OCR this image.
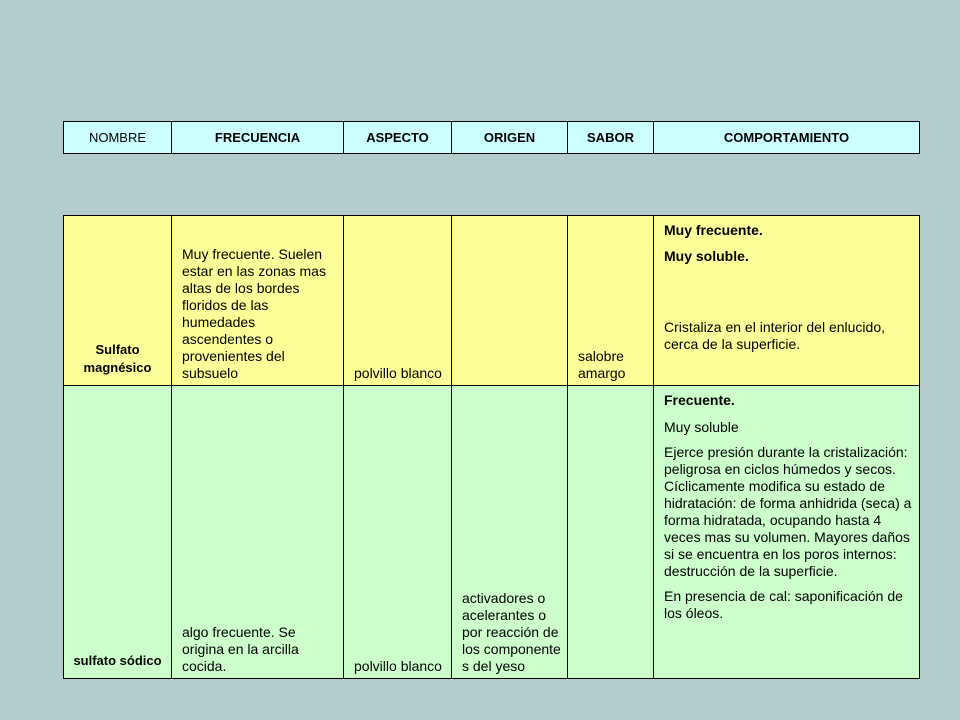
NOMBRE	FRECUENCIA	ASPECTO	ORIGEN	SABOR	COMPORTAMIENTO
Sulfato magnésico	Muy frecuente. Suelen estar en las zonas mas altas de los bordes floridos de las humedades ascendentes o provenientes del subsuelo	polvillo blanco		salobre amargo	Muy frecuente.

Muy soluble.

Cristaliza en el interior del enlucido, cerca de la superficie.

sulfato sódico	algo frecuente. Se origina en la arcilla cocida.	polvillo blanco	activadores o acelerantes o por reacción de los componente s del yeso		Frecuente.

Muy soluble

Ejerce presión durante la cristalización: peligrosa en ciclos húmedos y secos. Cíclicamente modifica su estado de hidratación: de forma anhidrida (seca) a forma hidratada, ocupando hasta 4 veces mas su volumen. Mayores daños si se encuentra en los poros internos: destrucción de la superficie.

En presencia de cal: saponificación de los óleos.
